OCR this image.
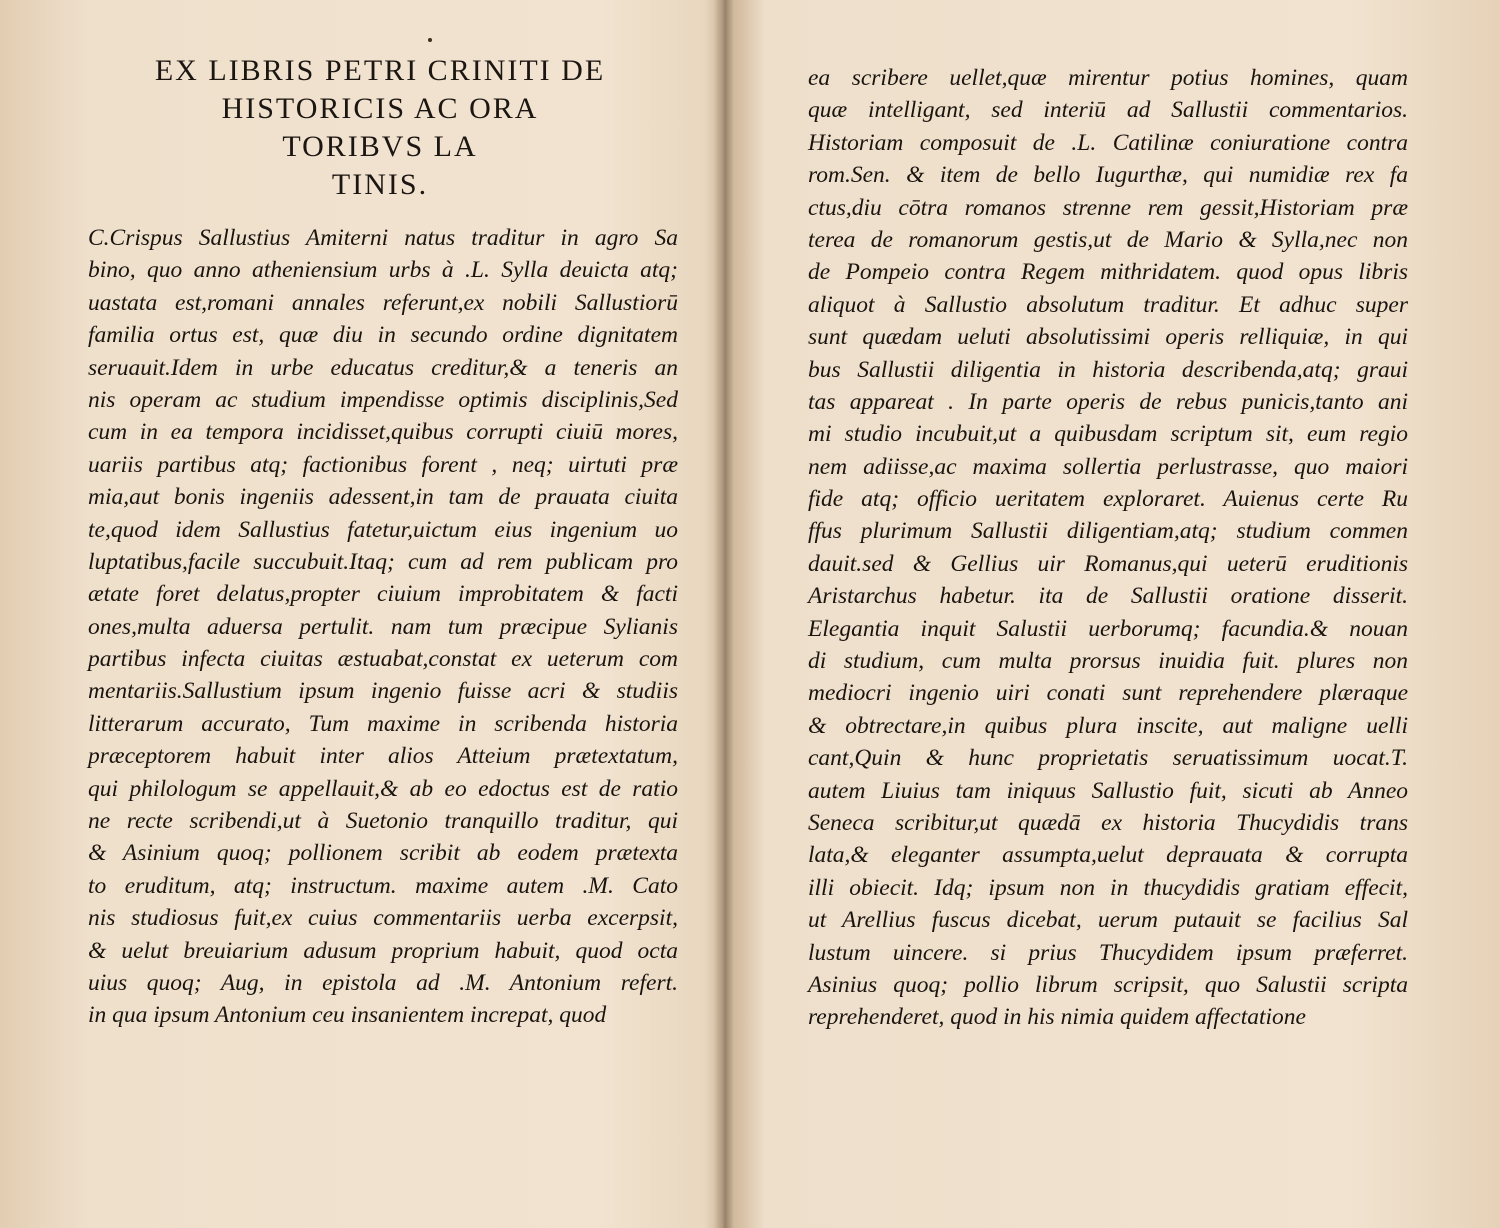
EX LIBRIS PETRI CRINITI DE
HISTORICIS AC ORA
TORIBVS LA
TINIS.
C.Crispus Sallustius Amiterni natus traditur in agro Sa
bino, quo anno atheniensium urbs à .L. Sylla deuicta atq;
uastata est,romani annales referunt,ex nobili Sallustiorū
familia ortus est, quæ diu in secundo ordine dignitatem
seruauit.Idem in urbe educatus creditur,& a teneris an
nis operam ac studium impendisse optimis disciplinis,Sed
cum in ea tempora incidisset,quibus corrupti ciuiū mores,
uariis partibus atq; factionibus forent , neq; uirtuti præ
mia,aut bonis ingeniis adessent,in tam de prauata ciuita
te,quod idem Sallustius fatetur,uictum eius ingenium uo
luptatibus,facile succubuit.Itaq; cum ad rem publicam pro
ætate foret delatus,propter ciuium improbitatem & facti
ones,multa aduersa pertulit. nam tum præcipue Sylianis
partibus infecta ciuitas æstuabat,constat ex ueterum com
mentariis.Sallustium ipsum ingenio fuisse acri & studiis
litterarum accurato, Tum maxime in scribenda historia
præceptorem habuit inter alios Atteium prætextatum,
qui philologum se appellauit,& ab eo edoctus est de ratio
ne recte scribendi,ut à Suetonio tranquillo traditur, qui
& Asinium quoq; pollionem scribit ab eodem prætexta
to eruditum, atq; instructum. maxime autem .M. Cato
nis studiosus fuit,ex cuius commentariis uerba excerpsit,
& uelut breuiarium adusum proprium habuit, quod octa
uius quoq; Aug, in epistola ad .M. Antonium refert.
in qua ipsum Antonium ceu insanientem increpat, quod
ea scribere uellet,quæ mirentur potius homines, quam
quæ intelligant, sed interiū ad Sallustii commentarios.
Historiam composuit de .L. Catilinæ coniuratione contra
rom.Sen. & item de bello Iugurthæ, qui numidiæ rex fa
ctus,diu cōtra romanos strenne rem gessit,Historiam præ
terea de romanorum gestis,ut de Mario & Sylla,nec non
de Pompeio contra Regem mithridatem. quod opus libris
aliquot à Sallustio absolutum traditur. Et adhuc super
sunt quædam ueluti absolutissimi operis relliquiæ, in qui
bus Sallustii diligentia in historia describenda,atq; graui
tas appareat . In parte operis de rebus punicis,tanto ani
mi studio incubuit,ut a quibusdam scriptum sit, eum regio
nem adiisse,ac maxima sollertia perlustrasse, quo maiori
fide atq; officio ueritatem exploraret. Auienus certe Ru
ffus plurimum Sallustii diligentiam,atq; studium commen
dauit.sed & Gellius uir Romanus,qui ueterū eruditionis
Aristarchus habetur. ita de Sallustii oratione disserit.
Elegantia inquit Salustii uerborumq; facundia.& nouan
di studium, cum multa prorsus inuidia fuit. plures non
mediocri ingenio uiri conati sunt reprehendere plæraque
& obtrectare,in quibus plura inscite, aut maligne uelli
cant,Quin & hunc proprietatis seruatissimum uocat.T.
autem Liuius tam iniquus Sallustio fuit, sicuti ab Anneo
Seneca scribitur,ut quædā ex historia Thucydidis trans
lata,& eleganter assumpta,uelut deprauata & corrupta
illi obiecit. Idq; ipsum non in thucydidis gratiam effecit,
ut Arellius fuscus dicebat, uerum putauit se facilius Sal
lustum uincere. si prius Thucydidem ipsum præferret.
Asinius quoq; pollio librum scripsit, quo Salustii scripta
reprehenderet, quod in his nimia quidem affectatione
